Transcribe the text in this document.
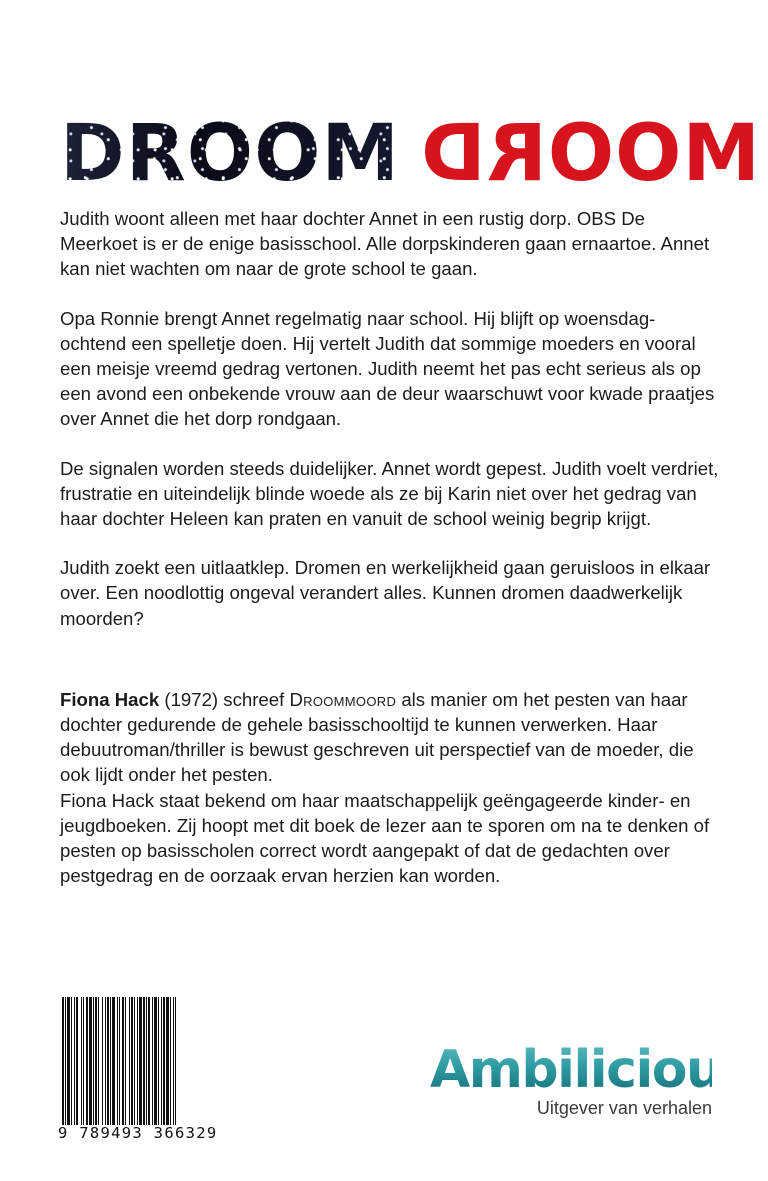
DROOM MOORD

Judith woont alleen met haar dochter Annet in een rustig dorp. OBS De Meerkoet is er de enige basisschool. Alle dorpskinderen gaan ernaartoe. Annet kan niet wachten om naar de grote school te gaan.

Opa Ronnie brengt Annet regelmatig naar school. Hij blijft op woensdag-ochtend een spelletje doen. Hij vertelt Judith dat sommige moeders en vooral een meisje vreemd gedrag vertonen. Judith neemt het pas echt serieus als op een avond een onbekende vrouw aan de deur waarschuwt voor kwade praatjes over Annet die het dorp rondgaan.

De signalen worden steeds duidelijker. Annet wordt gepest. Judith voelt verdriet, frustratie en uiteindelijk blinde woede als ze bij Karin niet over het gedrag van haar dochter Heleen kan praten en vanuit de school weinig begrip krijgt.

Judith zoekt een uitlaatklep. Dromen en werkelijkheid gaan geruisloos in elkaar over. Een noodlottig ongeval verandert alles. Kunnen dromen daadwerkelijk moorden?

Fiona Hack (1972) schreef Droommoord als manier om het pesten van haar dochter gedurende de gehele basisschooltijd te kunnen verwerken. Haar debuutroman/thriller is bewust geschreven uit perspectief van de moeder, die ook lijdt onder het pesten.

Fiona Hack staat bekend om haar maatschappelijk geëngageerde kinder- en jeugdboeken. Zij hoopt met dit boek de lezer aan te sporen om na te denken of pesten op basisscholen correct wordt aangepakt of dat de gedachten over pestgedrag en de oorzaak ervan herzien kan worden.

9 789493 366329
Ambilicious
Uitgever van verhalen
